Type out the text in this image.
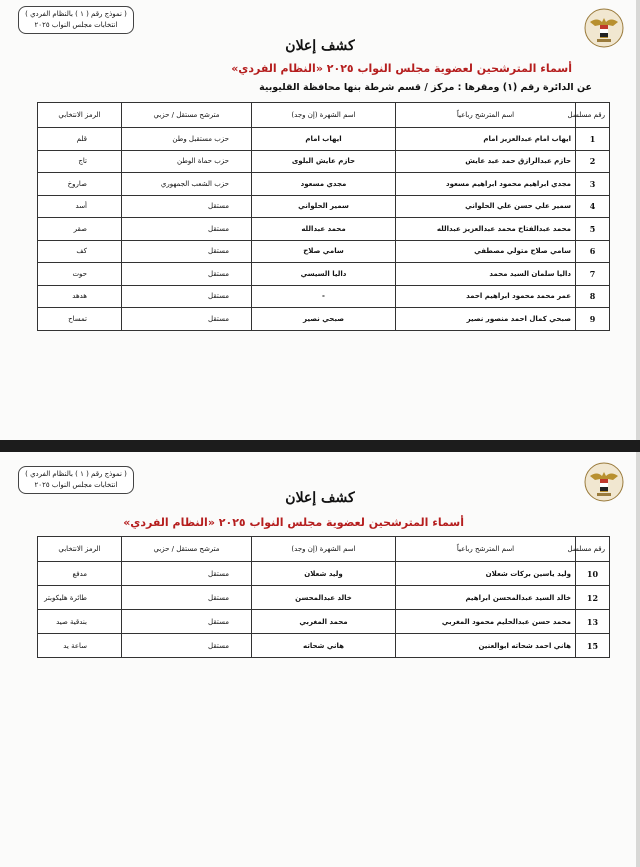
( نموذج رقم ( ۱ ) بالنظام الفردي )
انتخابات مجلس النواب ٢٠٢٥
كشف إعلان
أسماء المترشحين لعضوية مجلس النواب ٢٠٢٥ «النظام الفردي»
عن الدائرة رقم (١) ومقرها : مركز / قسم شرطة بنها محافظة القليوبية
رقم مسلسل	اسم المترشح رباعياً	اسم الشهرة (إن وجد)	مترشح مستقل / حزبي	الرمز الانتخابي
1	ايهاب امام عبدالعزيز امام	ايهاب امام	حزب مستقبل وطن	قلم
2	حازم عبدالرازق حمد عبد عايش	حازم عايش البلوى	حزب حماة الوطن	تاج
3	مجدي ابراهيم محمود ابراهيم مسعود	مجدي مسعود	حزب الشعب الجمهوري	صاروخ
4	سمير علي حسن علي الحلواني	سمير الحلواني	مستقل	أسد
5	محمد عبدالفتاح محمد عبدالعزيز عبدالله	محمد عبدالله	مستقل	صقر
6	سامي صلاح متولي مصطفي	سامي صلاح	مستقل	كف
7	داليا سلمان السيد محمد	داليا السيسي	مستقل	حوت
8	عمر محمد محمود ابراهيم احمد	-	مستقل	هدهد
9	صبحي كمال احمد منصور نصير	صبحي نصير	مستقل	تمساح
( نموذج رقم ( ۱ ) بالنظام الفردي )
انتخابات مجلس النواب ٢٠٢٥
كشف إعلان
أسماء المترشحين لعضوية مجلس النواب ٢٠٢٥ «النظام الفردي»
رقم مسلسل	اسم المترشح رباعياً	اسم الشهرة (إن وجد)	مترشح مستقل / حزبي	الرمز الانتخابي
10	وليد ياسين بركات شعلان	وليد شعلان	مستقل	مدفع
12	خالد السيد عبدالمحسن ابراهيم	خالد عبدالمحسن	مستقل	طائرة هليكوبتر
13	محمد حسن عبدالحليم محمود المغربي	محمد المغربي	مستقل	بندقية صيد
15	هاني احمد شحاته ابوالعنين	هاني شحاته	مستقل	ساعة يد
